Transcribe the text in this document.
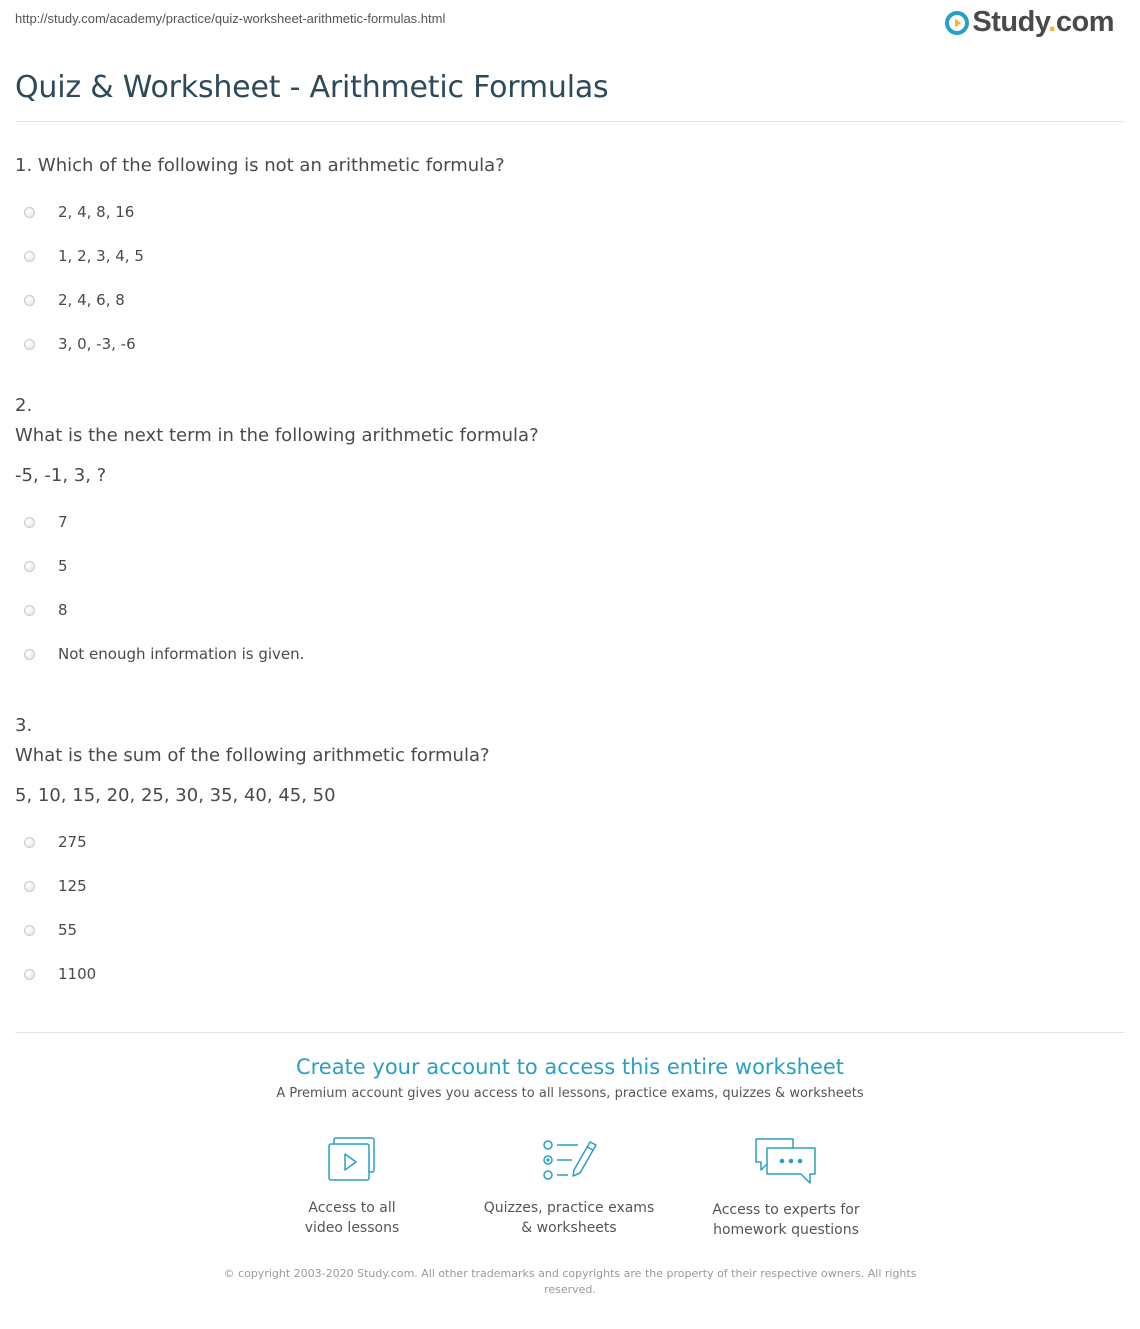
http://study.com/academy/practice/quiz-worksheet-arithmetic-formulas.html	Study.com
Quiz & Worksheet - Arithmetic Formulas
1. Which of the following is not an arithmetic formula?
2, 4, 8, 16
1, 2, 3, 4, 5
2, 4, 6, 8
3, 0, -3, -6
2.
What is the next term in the following arithmetic formula?
-5, -1, 3, ?
7
5
8
Not enough information is given.
3.
What is the sum of the following arithmetic formula?
5, 10, 15, 20, 25, 30, 35, 40, 45, 50
275
125
55
1100
Create your account to access this entire worksheet
A Premium account gives you access to all lessons, practice exams, quizzes & worksheets
Access to all
video lessons
Quizzes, practice exams
& worksheets
Access to experts for
homework questions
© copyright 2003-2020 Study.com. All other trademarks and copyrights are the property of their respective owners. All rights reserved.
